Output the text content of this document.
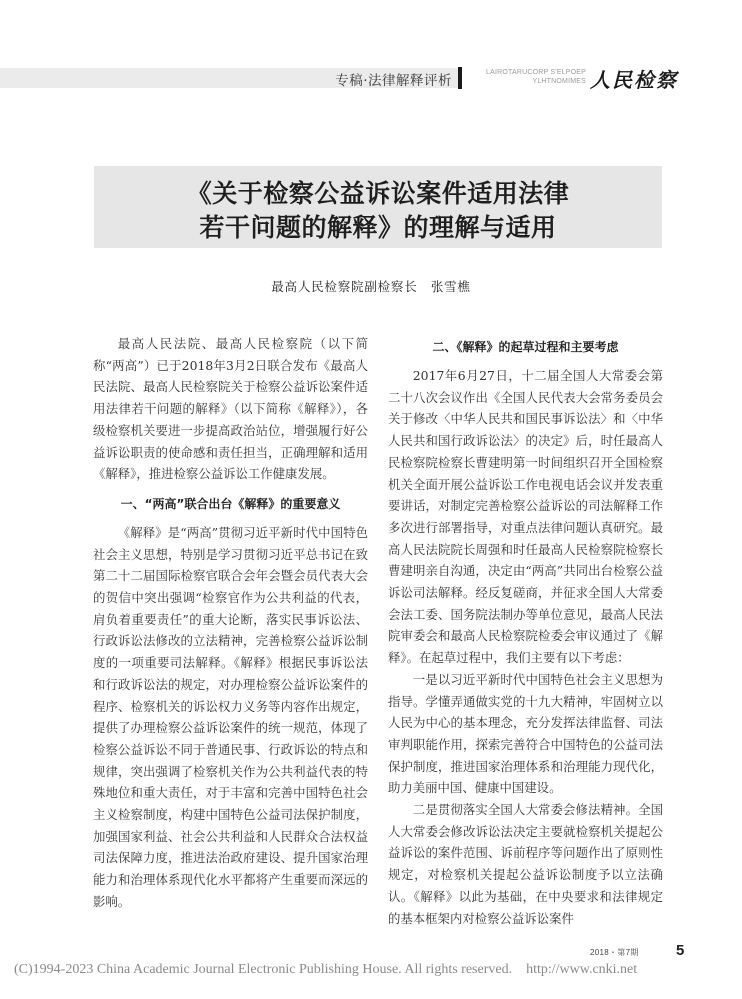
专稿·法律解释评析
LAIROTARUCORP S'ELPOEP
YLHTNOMIMES 人民检察
《关于检察公益诉讼案件适用法律
若干问题的解释》的理解与适用
最高人民检察院副检察长　张雪樵

最高人民法院、最高人民检察院（以下简称“两高”）已于2018年3月2日联合发布《最高人民法院、最高人民检察院关于检察公益诉讼案件适用法律若干问题的解释》（以下简称《解释》），各级检察机关要进一步提高政治站位，增强履行好公益诉讼职责的使命感和责任担当，正确理解和适用《解释》，推进检察公益诉讼工作健康发展。

一、“两高”联合出台《解释》的重要意义

《解释》是“两高”贯彻习近平新时代中国特色社会主义思想，特别是学习贯彻习近平总书记在致第二十二届国际检察官联合会年会暨会员代表大会的贺信中突出强调“检察官作为公共利益的代表，肩负着重要责任”的重大论断，落实民事诉讼法、行政诉讼法修改的立法精神，完善检察公益诉讼制度的一项重要司法解释。《解释》根据民事诉讼法和行政诉讼法的规定，对办理检察公益诉讼案件的程序、检察机关的诉讼权力义务等内容作出规定，提供了办理检察公益诉讼案件的统一规范，体现了检察公益诉讼不同于普通民事、行政诉讼的特点和规律，突出强调了检察机关作为公共利益代表的特殊地位和重大责任，对于丰富和完善中国特色社会主义检察制度，构建中国特色公益司法保护制度，加强国家利益、社会公共利益和人民群众合法权益司法保障力度，推进法治政府建设、提升国家治理能力和治理体系现代化水平都将产生重要而深远的影响。

二、《解释》的起草过程和主要考虑

2017年6月27日，十二届全国人大常委会第二十八次会议作出《全国人民代表大会常务委员会关于修改〈中华人民共和国民事诉讼法〉和〈中华人民共和国行政诉讼法〉的决定》后，时任最高人民检察院检察长曹建明第一时间组织召开全国检察机关全面开展公益诉讼工作电视电话会议并发表重要讲话，对制定完善检察公益诉讼的司法解释工作多次进行部署指导，对重点法律问题认真研究。最高人民法院院长周强和时任最高人民检察院检察长曹建明亲自沟通，决定由“两高”共同出台检察公益诉讼司法解释。经反复磋商，并征求全国人大常委会法工委、国务院法制办等单位意见，最高人民法院审委会和最高人民检察院检委会审议通过了《解释》。在起草过程中，我们主要有以下考虑：

一是以习近平新时代中国特色社会主义思想为指导。学懂弄通做实党的十九大精神，牢固树立以人民为中心的基本理念，充分发挥法律监督、司法审判职能作用，探索完善符合中国特色的公益司法保护制度，推进国家治理体系和治理能力现代化，助力美丽中国、健康中国建设。

二是贯彻落实全国人大常委会修法精神。全国人大常委会修改诉讼法决定主要就检察机关提起公益诉讼的案件范围、诉前程序等问题作出了原则性规定，对检察机关提起公益诉讼制度予以立法确认。《解释》以此为基础，在中央要求和法律规定的基本框架内对检察公益诉讼案件

2018・第7期 5
(C)1994-2023 China Academic Journal Electronic Publishing House. All rights reserved.    http://www.cnki.net
